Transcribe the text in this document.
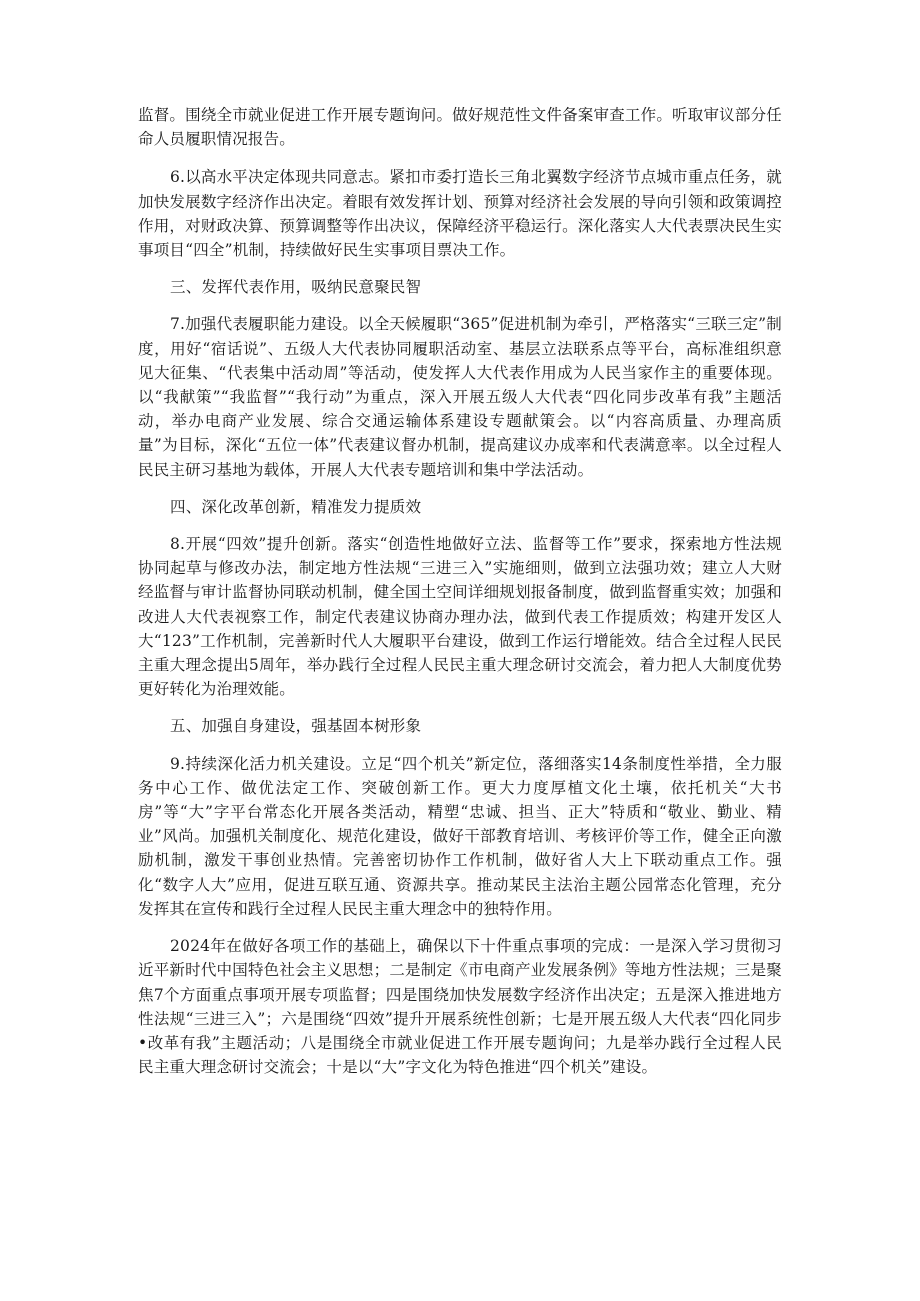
监督。围绕全市就业促进工作开展专题询问。做好规范性文件备案审查工作。听取审议部分任命人员履职情况报告。

6.以高水平决定体现共同意志。紧扣市委打造长三角北翼数字经济节点城市重点任务，就加快发展数字经济作出决定。着眼有效发挥计划、预算对经济社会发展的导向引领和政策调控作用，对财政决算、预算调整等作出决议，保障经济平稳运行。深化落实人大代表票决民生实事项目“四全”机制，持续做好民生实事项目票决工作。

三、发挥代表作用，吸纳民意聚民智

7.加强代表履职能力建设。以全天候履职“365”促进机制为牵引，严格落实“三联三定”制度，用好“宿话说”、五级人大代表协同履职活动室、基层立法联系点等平台，高标准组织意见大征集、“代表集中活动周”等活动，使发挥人大代表作用成为人民当家作主的重要体现。以“我献策”“我监督”“我行动”为重点，深入开展五级人大代表“四化同步改革有我”主题活动，举办电商产业发展、综合交通运输体系建设专题献策会。以“内容高质量、办理高质量”为目标，深化“五位一体”代表建议督办机制，提高建议办成率和代表满意率。以全过程人民民主研习基地为载体，开展人大代表专题培训和集中学法活动。

四、深化改革创新，精准发力提质效

8.开展“四效”提升创新。落实“创造性地做好立法、监督等工作”要求，探索地方性法规协同起草与修改办法，制定地方性法规“三进三入”实施细则，做到立法强功效；建立人大财经监督与审计监督协同联动机制，健全国土空间详细规划报备制度，做到监督重实效；加强和改进人大代表视察工作，制定代表建议协商办理办法，做到代表工作提质效；构建开发区人大“123”工作机制，完善新时代人大履职平台建设，做到工作运行增能效。结合全过程人民民主重大理念提出5周年，举办践行全过程人民民主重大理念研讨交流会，着力把人大制度优势更好转化为治理效能。

五、加强自身建设，强基固本树形象

9.持续深化活力机关建设。立足“四个机关”新定位，落细落实14条制度性举措，全力服务中心工作、做优法定工作、突破创新工作。更大力度厚植文化土壤，依托机关“大书房”等“大”字平台常态化开展各类活动，精塑“忠诚、担当、正大”特质和“敬业、勤业、精业”风尚。加强机关制度化、规范化建设，做好干部教育培训、考核评价等工作，健全正向激励机制，激发干事创业热情。完善密切协作工作机制，做好省人大上下联动重点工作。强化“数字人大”应用，促进互联互通、资源共享。推动某民主法治主题公园常态化管理，充分发挥其在宣传和践行全过程人民民主重大理念中的独特作用。

2024年在做好各项工作的基础上，确保以下十件重点事项的完成：一是深入学习贯彻习近平新时代中国特色社会主义思想；二是制定《市电商产业发展条例》等地方性法规；三是聚焦7个方面重点事项开展专项监督；四是围绕加快发展数字经济作出决定；五是深入推进地方性法规“三进三入”；六是围绕“四效”提升开展系统性创新；七是开展五级人大代表“四化同步•改革有我”主题活动；八是围绕全市就业促进工作开展专题询问；九是举办践行全过程人民民主重大理念研讨交流会；十是以“大”字文化为特色推进“四个机关”建设。
